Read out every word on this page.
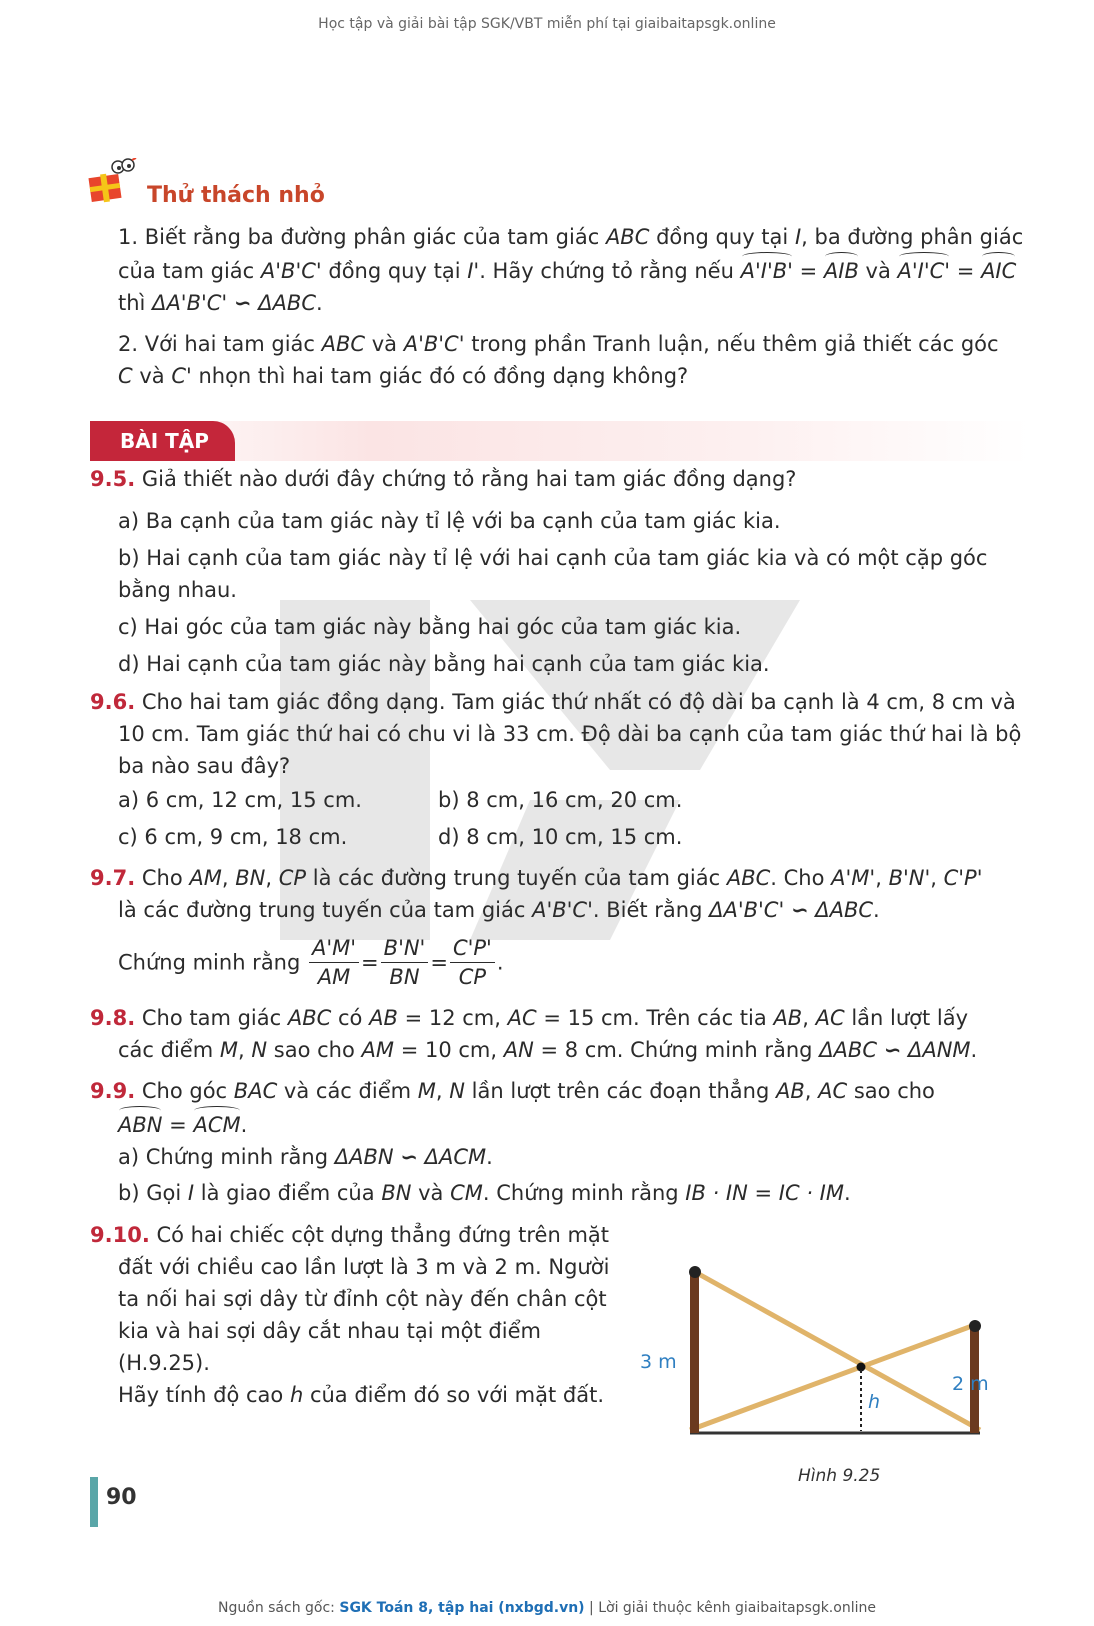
Học tập và giải bài tập SGK/VBT miễn phí tại giaibaitapsgk.online
Thử thách nhỏ
1. Biết rằng ba đường phân giác của tam giác ABC đồng quy tại I, ba đường phân giác
của tam giác A'B'C' đồng quy tại I'. Hãy chứng tỏ rằng nếu A'I'B' = AIB và A'I'C' = AIC
thì ΔA'B'C' ∽ ΔABC.
2. Với hai tam giác ABC và A'B'C' trong phần Tranh luận, nếu thêm giả thiết các góc
C và C' nhọn thì hai tam giác đó có đồng dạng không?
BÀI TẬP
9.5. Giả thiết nào dưới đây chứng tỏ rằng hai tam giác đồng dạng?
a) Ba cạnh của tam giác này tỉ lệ với ba cạnh của tam giác kia.
b) Hai cạnh của tam giác này tỉ lệ với hai cạnh của tam giác kia và có một cặp góc
bằng nhau.
c) Hai góc của tam giác này bằng hai góc của tam giác kia.
d) Hai cạnh của tam giác này bằng hai cạnh của tam giác kia.
9.6. Cho hai tam giác đồng dạng. Tam giác thứ nhất có độ dài ba cạnh là 4 cm, 8 cm và
10 cm. Tam giác thứ hai có chu vi là 33 cm. Độ dài ba cạnh của tam giác thứ hai là bộ
ba nào sau đây?
a) 6 cm, 12 cm, 15 cm.	b) 8 cm, 16 cm, 20 cm.
c) 6 cm, 9 cm, 18 cm.	d) 8 cm, 10 cm, 15 cm.
9.7. Cho AM, BN, CP là các đường trung tuyến của tam giác ABC. Cho A'M', B'N', C'P'
là các đường trung tuyến của tam giác A'B'C'. Biết rằng ΔA'B'C' ∽ ΔABC.
Chứng minh rằng $\frac{A'M'}{AM} = \frac{B'N'}{BN} = \frac{C'P'}{CP}$ .
9.8. Cho tam giác ABC có AB = 12 cm, AC = 15 cm. Trên các tia AB, AC lần lượt lấy
các điểm M, N sao cho AM = 10 cm, AN = 8 cm. Chứng minh rằng ΔABC ∽ ΔANM.
9.9. Cho góc BAC và các điểm M, N lần lượt trên các đoạn thẳng AB, AC sao cho
ABN = ACM.
a) Chứng minh rằng ΔABN ∽ ΔACM.
b) Gọi I là giao điểm của BN và CM. Chứng minh rằng IB · IN = IC · IM.
9.10. Có hai chiếc cột dựng thẳng đứng trên mặt
đất với chiều cao lần lượt là 3 m và 2 m. Người
ta nối hai sợi dây từ đỉnh cột này đến chân cột
kia và hai sợi dây cắt nhau tại một điểm (H.9.25).
Hãy tính độ cao h của điểm đó so với mặt đất.
3 m
2 m
h
Hình 9.25
90
Nguồn sách gốc: SGK Toán 8, tập hai (nxbgd.vn) | Lời giải thuộc kênh giaibaitapsgk.online
